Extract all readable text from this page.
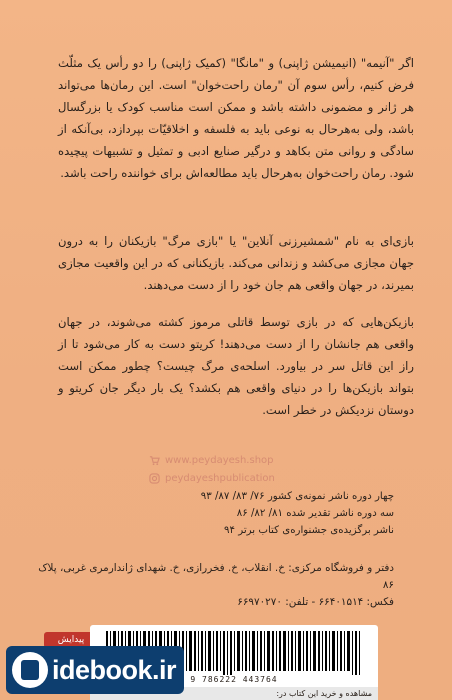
اگر "آنیمه" (انیمیشن ژاپنی) و "مانگا" (کمیک ژاپنی) را دو رأس یک مثلّث فرض کنیم، رأس سوم آن "رمان راحت‌خوان" است. این رمان‌ها می‌تواند هر ژانر و مضمونی داشته باشد و ممکن است مناسب کودک یا بزرگسال باشد، ولی به‌هرحال به نوعی باید به فلسفه و اخلاقیّات بپردازد، بی‌آنکه از سادگی و روانی متن بکاهد و درگیر صنایع ادبی و تمثیل و تشبیهات پیچیده شود. رمان راحت‌خوان به‌هرحال باید مطالعه‌اش برای خواننده راحت باشد.

بازی‌ای به نام "شمشیرزنی آنلاین" یا "بازی مرگ" بازیکنان را به درون جهان مجازی می‌کشد و زندانی می‌کند. بازیکنانی که در این واقعیت مجازی بمیرند، در جهان واقعی هم جان خود را از دست می‌دهند.

بازیکن‌هایی که در بازی توسط قاتلی مرموز کشته می‌شوند، در جهان واقعی هم جانشان را از دست می‌دهند! کریتو دست به کار می‌شود تا از راز این قاتل سر در بیاورد. اسلحه‌ی مرگ چیست؟ چطور ممکن است بتواند بازیکن‌ها را در دنیای واقعی هم بکشد؟ یک بار دیگر جان کریتو و دوستان نزدیکش در خطر است.

www.peydayesh.shop
peydayeshpublication
چهار دوره ناشر نمونه‌ی کشور ۷۶/ ۸۳/ ۸۷/ ۹۳
سه دوره ناشر تقدیر شده ۸۱/ ۸۲/ ۸۶
ناشر برگزیده‌ی جشنواره‌ی کتاب برتر ۹۴
دفتر و فروشگاه مرکزی: خ. انقلاب، خ. فخررازی، خ. شهدای ژاندارمری غربی، پلاک ۸۶
فکس: ۶۶۴۰۱۵۱۴ - تلفن: ۶۶۹۷۰۲۷۰
پیدایش
9 786222 443764
مشاهده و خرید این کتاب در:
idebook.ir
